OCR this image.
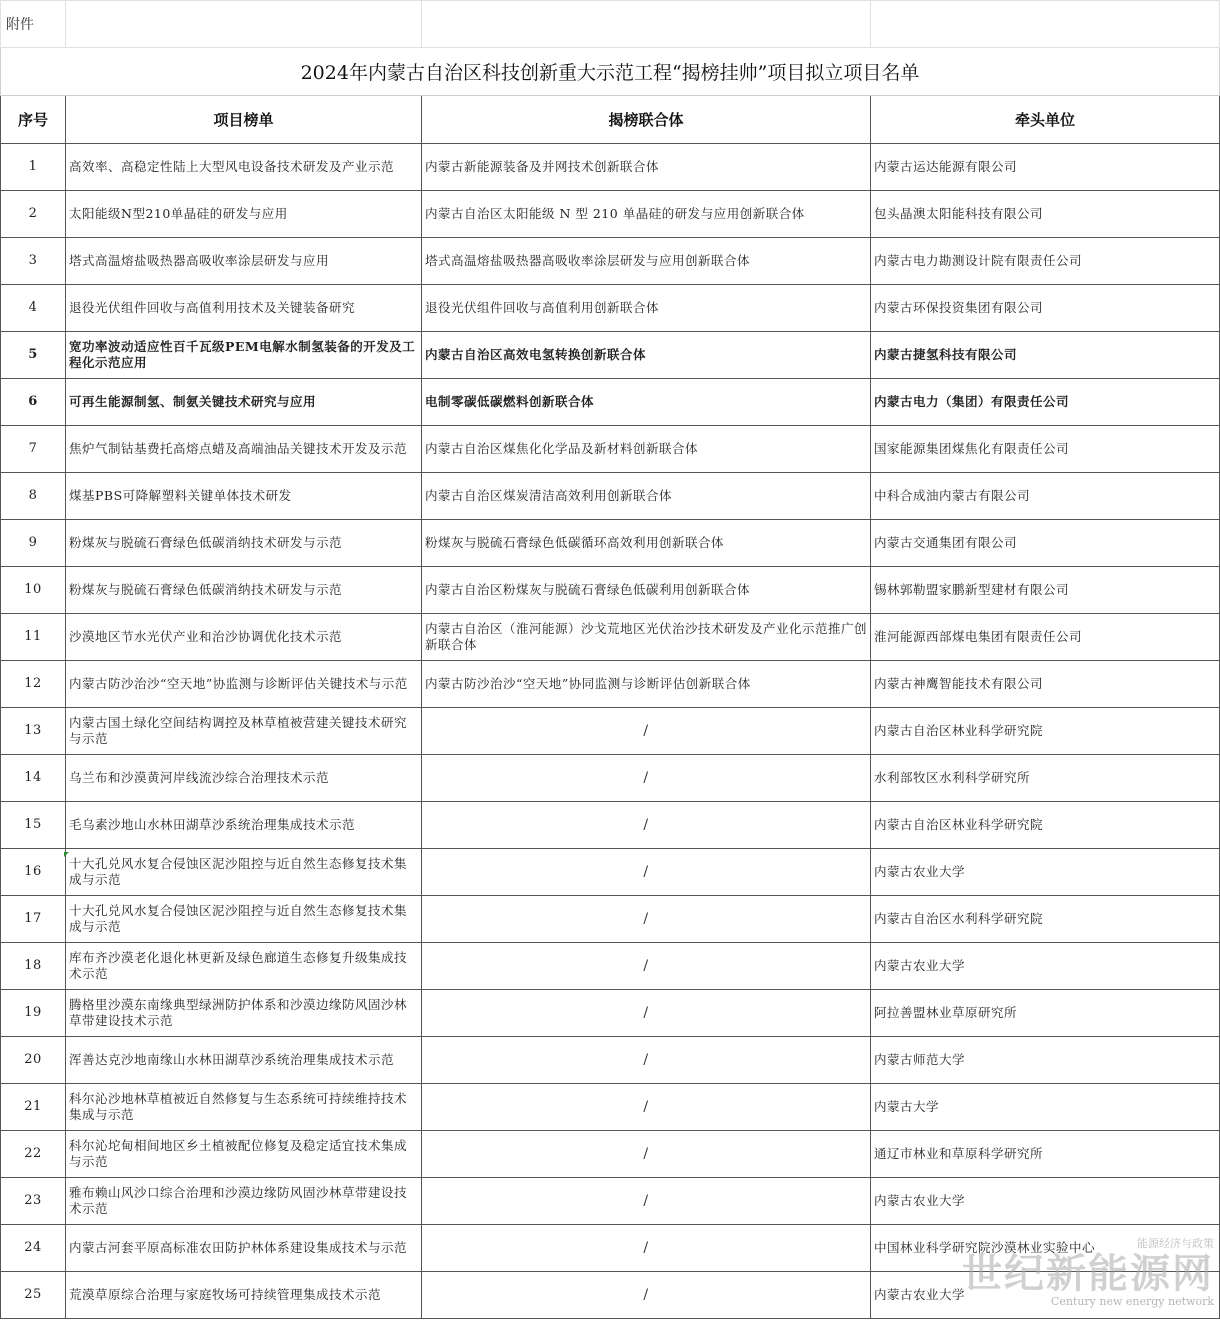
附件			
2024年内蒙古自治区科技创新重大示范工程“揭榜挂帅”项目拟立项目名单			
序号	项目榜单	揭榜联合体	牵头单位
1	高效率、高稳定性陆上大型风电设备技术研发及产业示范	内蒙古新能源装备及并网技术创新联合体	内蒙古运达能源有限公司
2	太阳能级N型210单晶硅的研发与应用	内蒙古自治区太阳能级 N 型 210 单晶硅的研发与应用创新联合体	包头晶澳太阳能科技有限公司
3	塔式高温熔盐吸热器高吸收率涂层研发与应用	塔式高温熔盐吸热器高吸收率涂层研发与应用创新联合体	内蒙古电力勘测设计院有限责任公司
4	退役光伏组件回收与高值利用技术及关键装备研究	退役光伏组件回收与高值利用创新联合体	内蒙古环保投资集团有限公司
5	宽功率波动适应性百千瓦级PEM电解水制氢装备的开发及工程化示范应用	内蒙古自治区高效电氢转换创新联合体	内蒙古捷氢科技有限公司
6	可再生能源制氢、制氨关键技术研究与应用	电制零碳低碳燃料创新联合体	内蒙古电力（集团）有限责任公司
7	焦炉气制钴基费托高熔点蜡及高端油品关键技术开发及示范	内蒙古自治区煤焦化化学品及新材料创新联合体	国家能源集团煤焦化有限责任公司
8	煤基PBS可降解塑料关键单体技术研发	内蒙古自治区煤炭清洁高效利用创新联合体	中科合成油内蒙古有限公司
9	粉煤灰与脱硫石膏绿色低碳消纳技术研发与示范	粉煤灰与脱硫石膏绿色低碳循环高效利用创新联合体	内蒙古交通集团有限公司
10	粉煤灰与脱硫石膏绿色低碳消纳技术研发与示范	内蒙古自治区粉煤灰与脱硫石膏绿色低碳利用创新联合体	锡林郭勒盟家鹏新型建材有限公司
11	沙漠地区节水光伏产业和治沙协调优化技术示范	内蒙古自治区（淮河能源）沙戈荒地区光伏治沙技术研发及产业化示范推广创新联合体	淮河能源西部煤电集团有限责任公司
12	内蒙古防沙治沙“空天地”协监测与诊断评估关键技术与示范	内蒙古防沙治沙“空天地”协同监测与诊断评估创新联合体	内蒙古神鹰智能技术有限公司
13	内蒙古国土绿化空间结构调控及林草植被营建关键技术研究与示范	/	内蒙古自治区林业科学研究院
14	乌兰布和沙漠黄河岸线流沙综合治理技术示范	/	水利部牧区水利科学研究所
15	毛乌素沙地山水林田湖草沙系统治理集成技术示范	/	内蒙古自治区林业科学研究院
16	十大孔兑风水复合侵蚀区泥沙阻控与近自然生态修复技术集成与示范	/	内蒙古农业大学
17	十大孔兑风水复合侵蚀区泥沙阻控与近自然生态修复技术集成与示范	/	内蒙古自治区水利科学研究院
18	库布齐沙漠老化退化林更新及绿色廊道生态修复升级集成技术示范	/	内蒙古农业大学
19	腾格里沙漠东南缘典型绿洲防护体系和沙漠边缘防风固沙林草带建设技术示范	/	阿拉善盟林业草原研究所
20	浑善达克沙地南缘山水林田湖草沙系统治理集成技术示范	/	内蒙古师范大学
21	科尔沁沙地林草植被近自然修复与生态系统可持续维持技术集成与示范	/	内蒙古大学
22	科尔沁坨甸相间地区乡土植被配位修复及稳定适宜技术集成与示范	/	通辽市林业和草原科学研究所
23	雅布赖山风沙口综合治理和沙漠边缘防风固沙林草带建设技术示范	/	内蒙古农业大学
24	内蒙古河套平原高标准农田防护林体系建设集成技术与示范	/	中国林业科学研究院沙漠林业实验中心
25	荒漠草原综合治理与家庭牧场可持续管理集成技术示范	/	内蒙古农业大学
能源经济与政策
世纪新能源网
Century new energy network
